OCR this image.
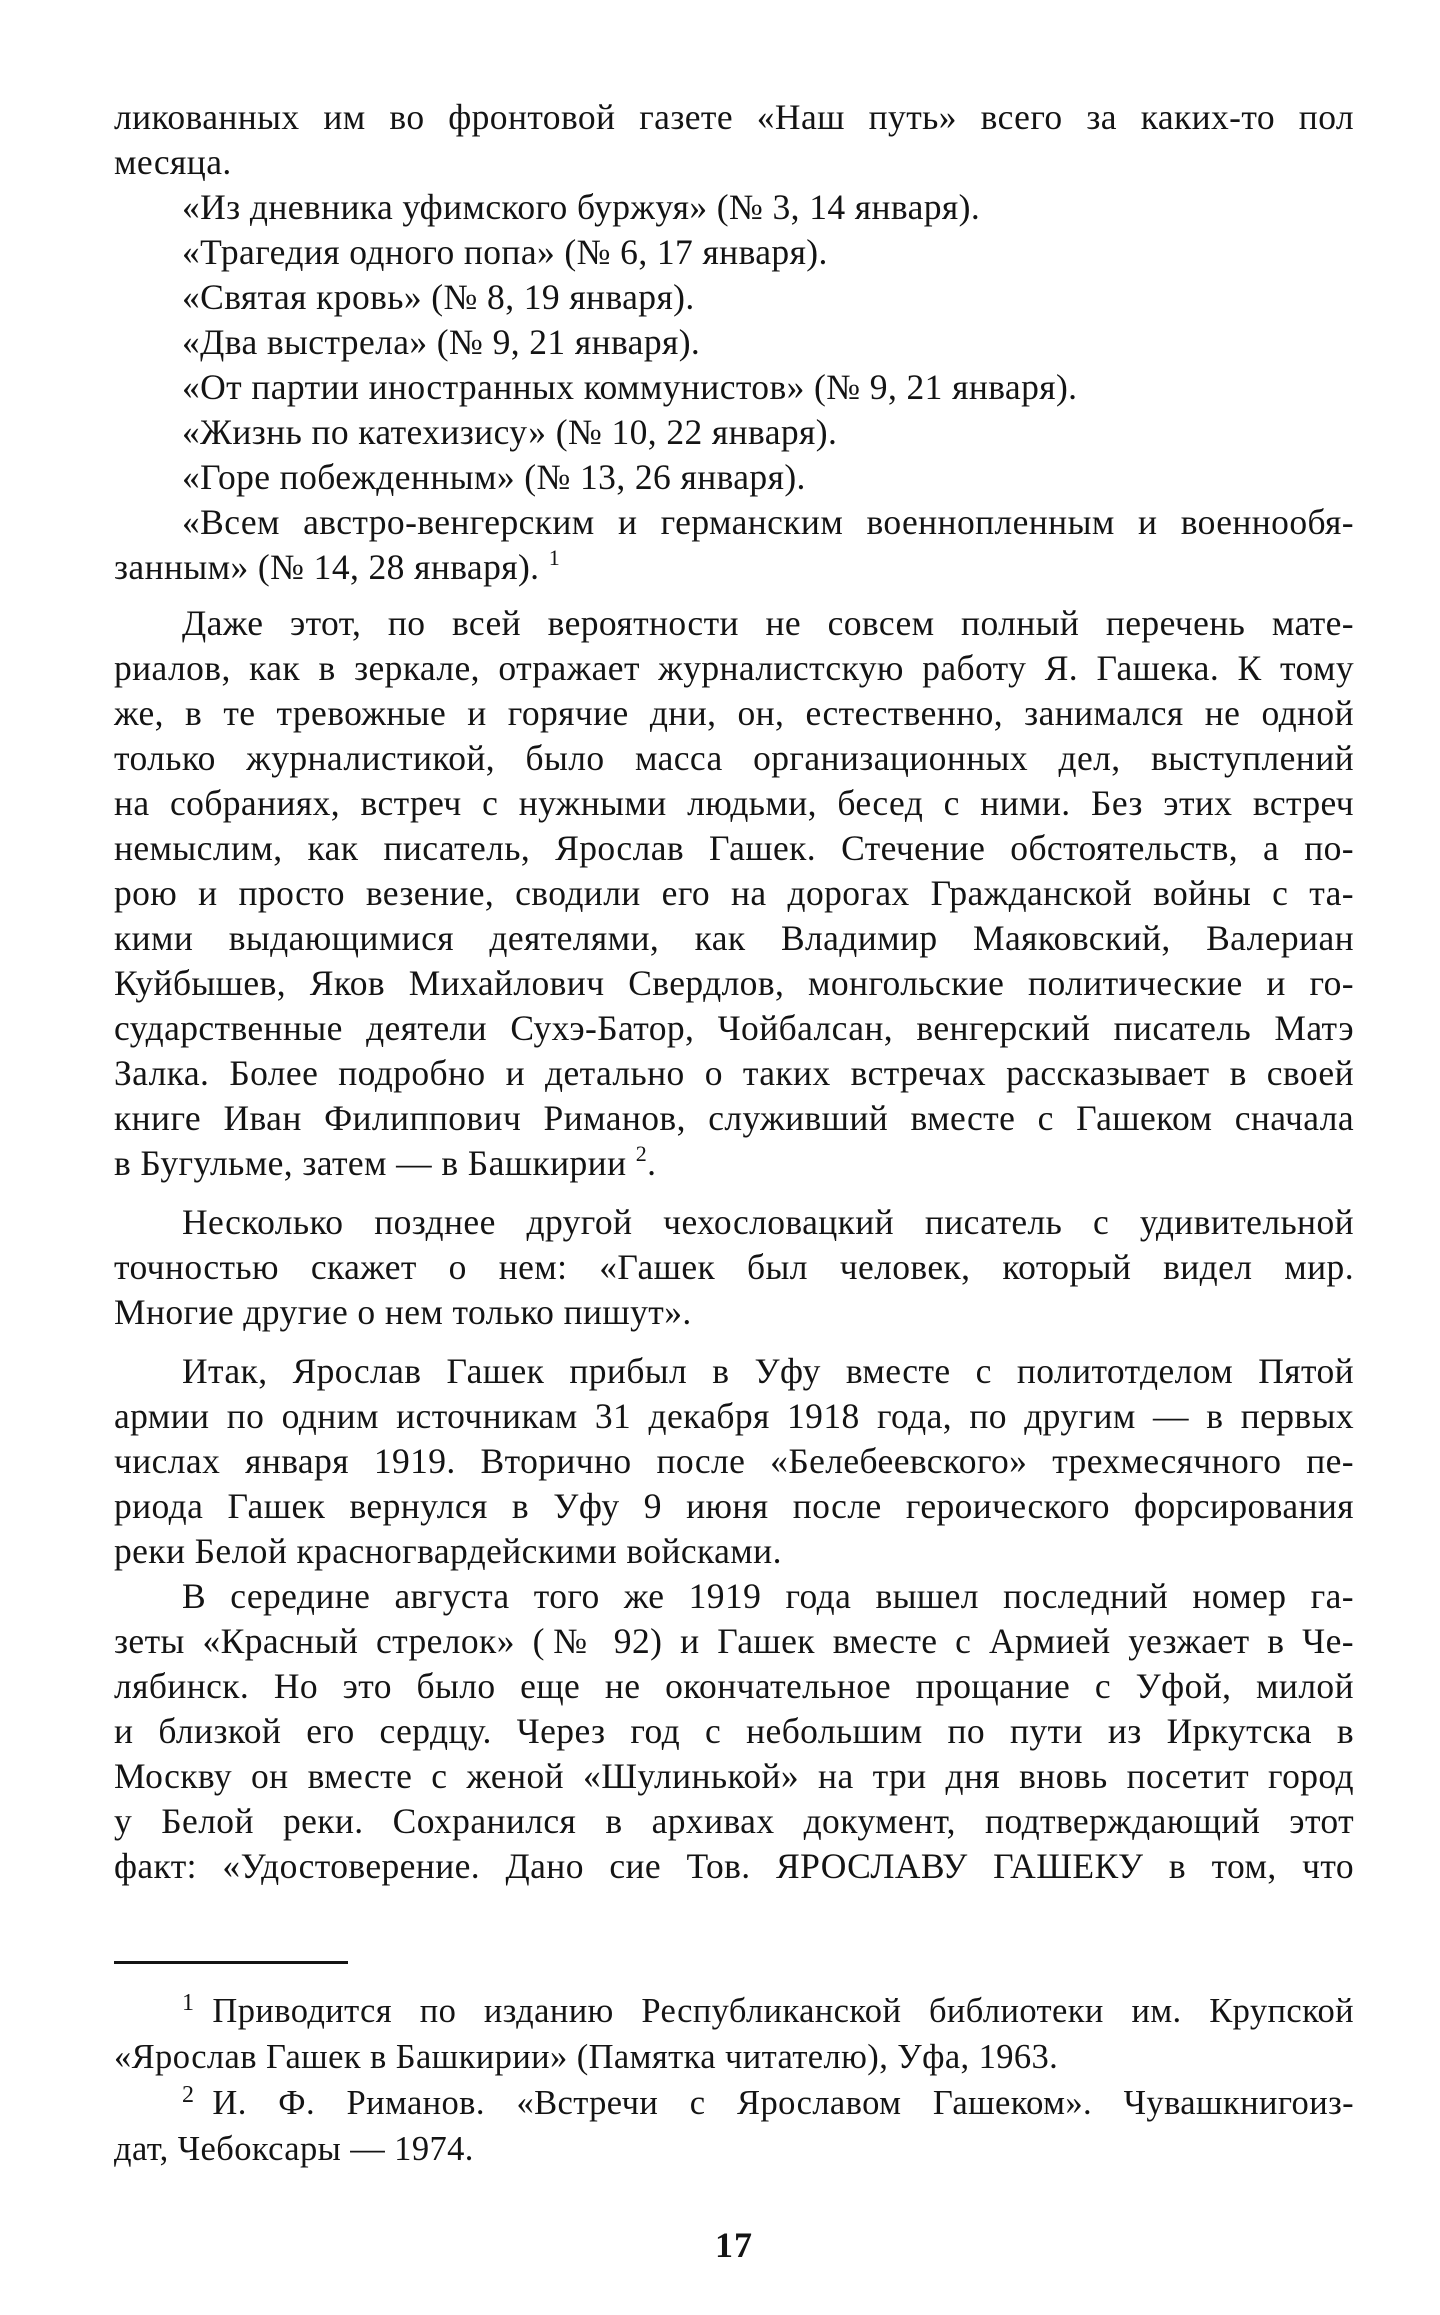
ликованных им во фронтовой газете «Наш путь» всего за каких-то пол
месяца.
«Из дневника уфимского буржуя» (№ 3, 14 января).
«Трагедия одного попа» (№ 6, 17 января).
«Святая кровь» (№ 8, 19 января).
«Два выстрела» (№ 9, 21 января).
«От партии иностранных коммунистов» (№ 9, 21 января).
«Жизнь по катехизису» (№ 10, 22 января).
«Горе побежденным» (№ 13, 26 января).
«Всем австро-венгерским и германским военнопленным и военнообя-
занным» (№ 14, 28 января). $^1$
Даже этот, по всей вероятности не совсем полный перечень мате-
риалов, как в зеркале, отражает журналистскую работу Я. Гашека. К тому
же, в те тревожные и горячие дни, он, естественно, занимался не одной
только журналистикой, было масса организационных дел, выступлений
на собраниях, встреч с нужными людьми, бесед с ними. Без этих встреч
немыслим, как писатель, Ярослав Гашек. Стечение обстоятельств, а по-
рою и просто везение, сводили его на дорогах Гражданской войны с та-
кими выдающимися деятелями, как Владимир Маяковский, Валериан
Куйбышев, Яков Михайлович Свердлов, монгольские политические и го-
сударственные деятели Сухэ-Батор, Чойбалсан, венгерский писатель Матэ
Залка. Более подробно и детально о таких встречах рассказывает в своей
книге Иван Филиппович Риманов, служивший вместе с Гашеком сначала
в Бугульме, затем — в Башкирии $^2$.
Несколько позднее другой чехословацкий писатель с удивительной
точностью скажет о нем: «Гашек был человек, который видел мир.
Многие другие о нем только пишут».
Итак, Ярослав Гашек прибыл в Уфу вместе с политотделом Пятой
армии по одним источникам 31 декабря 1918 года, по другим — в первых
числах января 1919. Вторично после «Белебеевского» трехмесячного пе-
риода Гашек вернулся в Уфу 9 июня после героического форсирования
реки Белой красногвардейскими войсками.
В середине августа того же 1919 года вышел последний номер га-
зеты «Красный стрелок» (№ 92) и Гашек вместе с Армией уезжает в Че-
лябинск. Но это было еще не окончательное прощание с Уфой, милой
и близкой его сердцу. Через год с небольшим по пути из Иркутска в
Москву он вместе с женой «Шулинькой» на три дня вновь посетит город
у Белой реки. Сохранился в архивах документ, подтверждающий этот
факт: «Удостоверение. Дано сие Тов. ЯРОСЛАВУ ГАШЕКУ в том, что
$^1$ Приводится по изданию Республиканской библиотеки им. Крупской
«Ярослав Гашек в Башкирии» (Памятка читателю), Уфа, 1963.
$^2$ И. Ф. Риманов. «Встречи с Ярославом Гашеком». Чувашкнигоиз-
дат, Чебоксары — 1974.
17
